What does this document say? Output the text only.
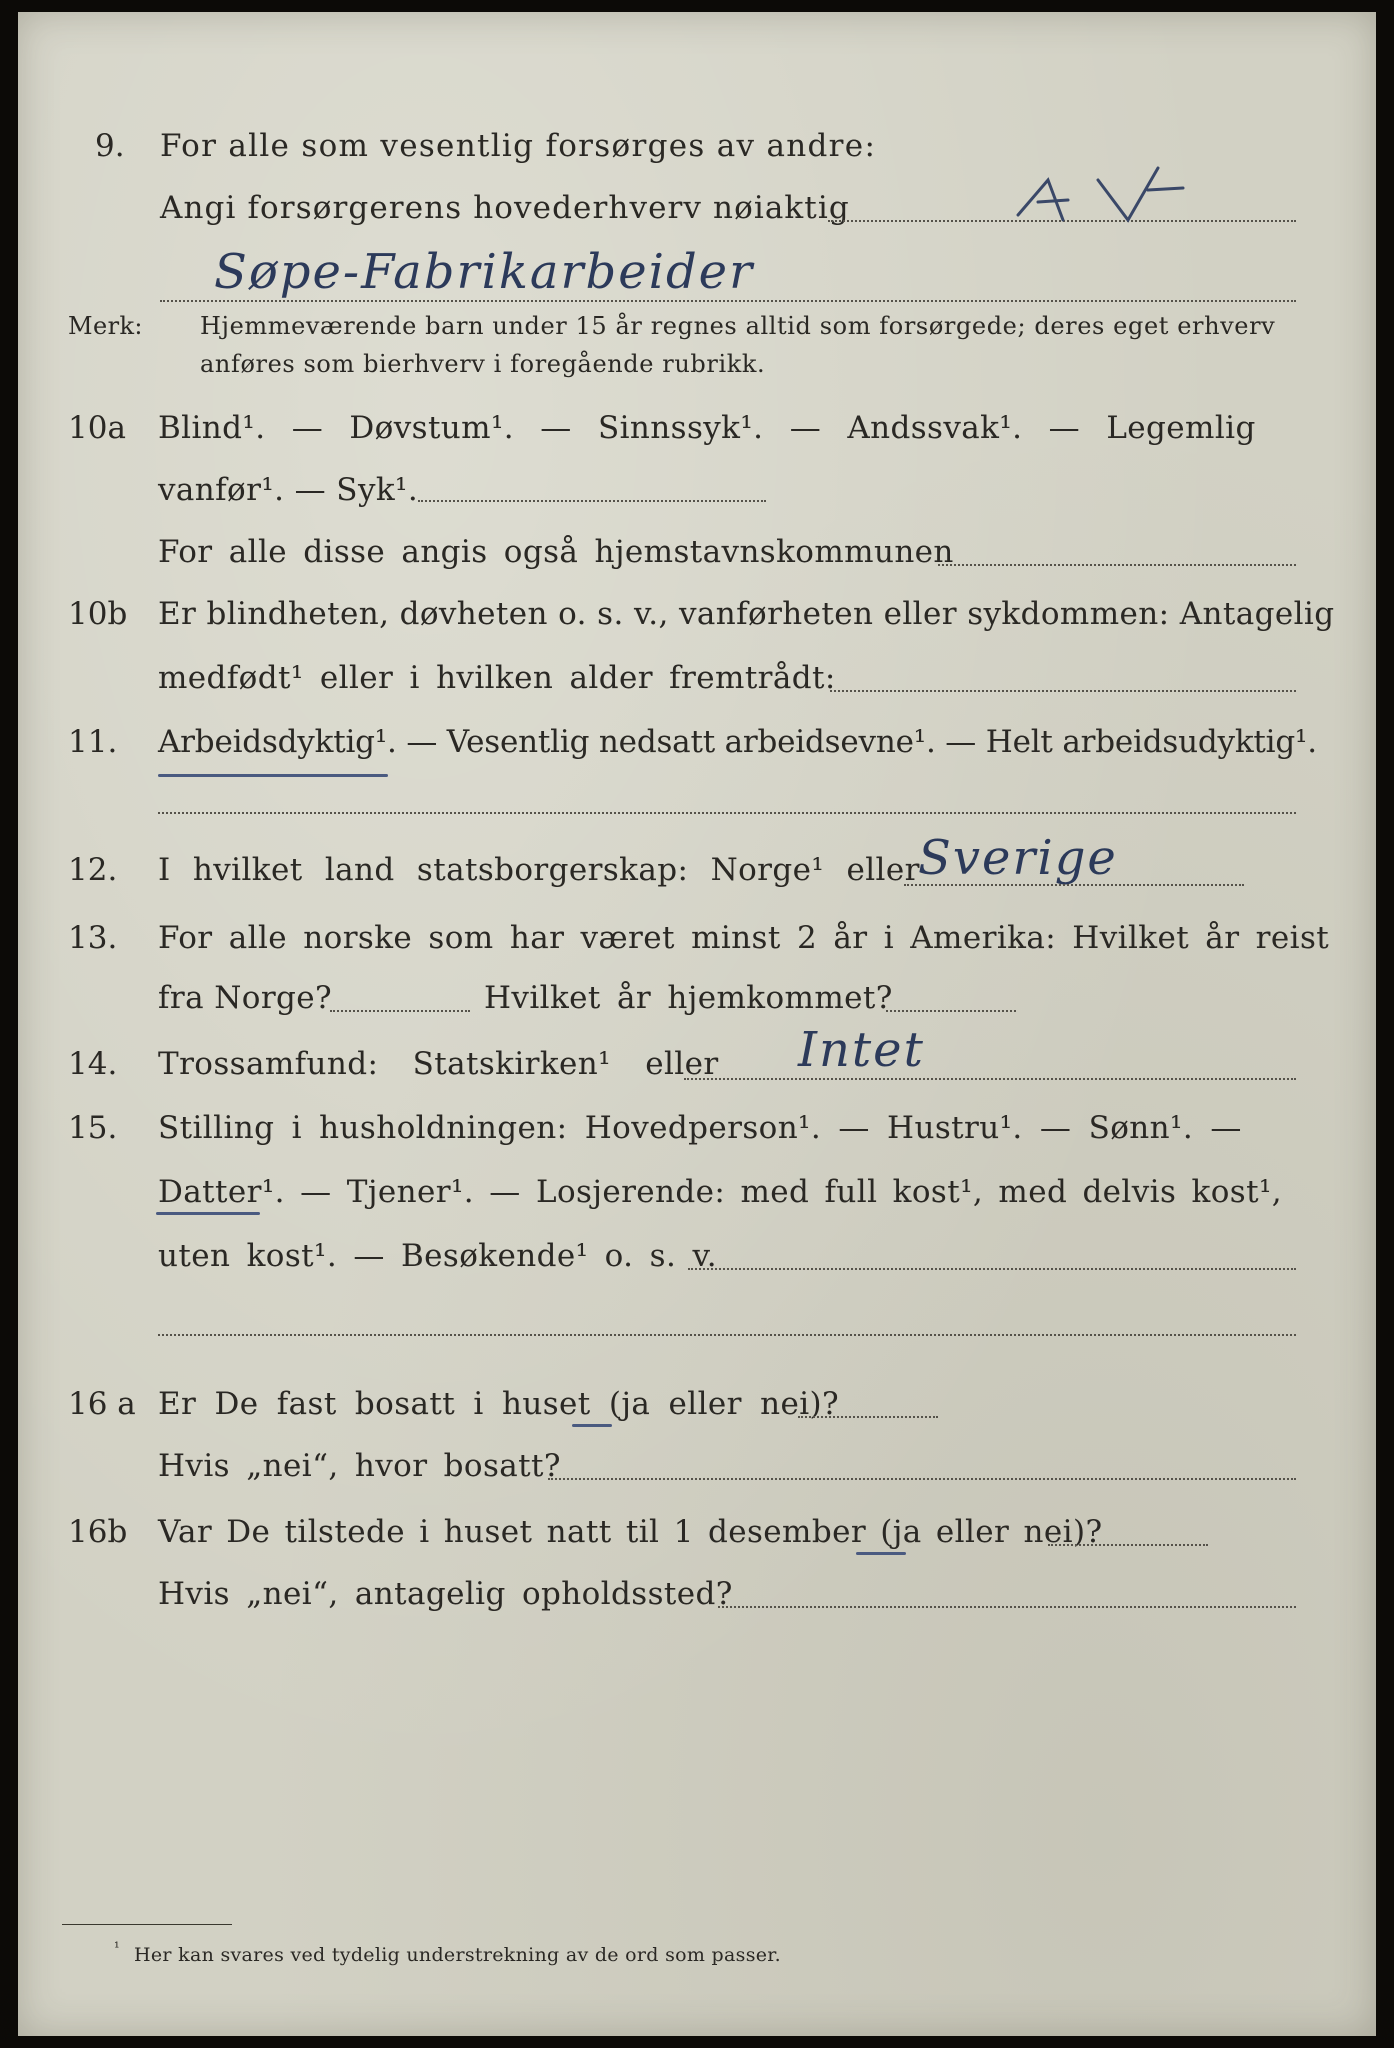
9. For alle som vesentlig forsørges av andre:
Angi forsørgerens hovederhverv nøiaktig
Søpe-Fabrikarbeider
Merk: Hjemmeværende barn under 15 år regnes alltid som forsørgede; deres eget erhverv
anføres som bierhverv i foregående rubrikk.
10a Blind¹. — Døvstum¹. — Sinnssyk¹. — Andssvak¹. — Legemlig
vanfør¹. — Syk¹.
For alle disse angis også hjemstavnskommunen
10b Er blindheten, døvheten o. s. v., vanførheten eller sykdommen: Antagelig
medfødt¹ eller i hvilken alder fremtrådt:
11. Arbeidsdyktig¹. — Vesentlig nedsatt arbeidsevne¹. — Helt arbeidsudyktig¹.
12. I hvilket land statsborgerskap: Norge¹ eller
Sverige
13. For alle norske som har været minst 2 år i Amerika: Hvilket år reist
fra Norge?	Hvilket år hjemkommet?
14. Trossamfund: Statskirken¹ eller Intet
15. Stilling i husholdningen: Hovedperson¹. — Hustru¹. — Sønn¹. —
Datter¹. — Tjener¹. — Losjerende: med full kost¹, med delvis kost¹,
uten kost¹. — Besøkende¹ o. s. v.
16 a Er De fast bosatt i huset (ja eller nei)?
Hvis „nei“, hvor bosatt?
16b Var De tilstede i huset natt til 1 desember (ja eller nei)?
Hvis „nei“, antagelig opholdssted?
¹ Her kan svares ved tydelig understrekning av de ord som passer.
